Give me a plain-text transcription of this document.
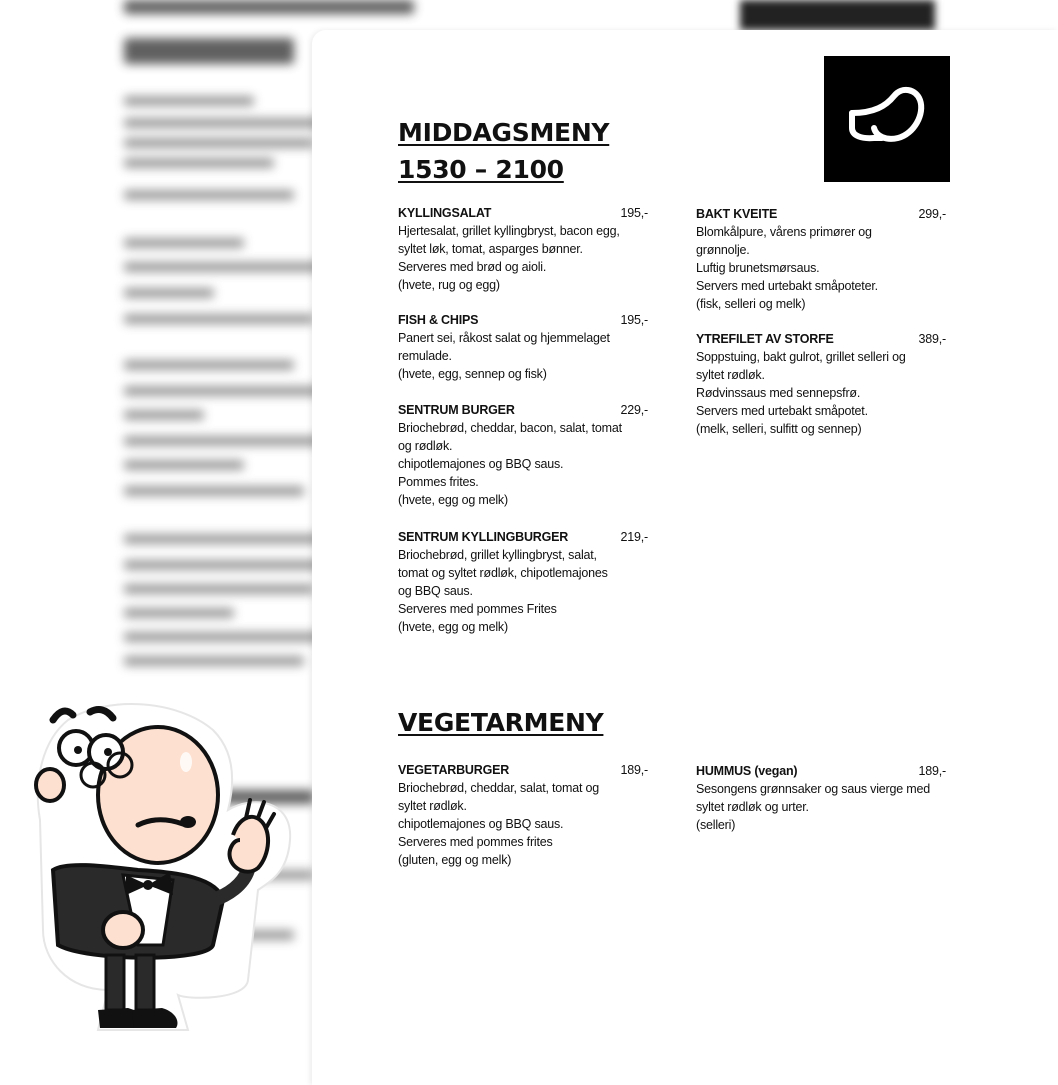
MIDDAGSMENY
1530 – 2100
KYLLINGSALAT	195,-
Hjertesalat, grillet kyllingbryst, bacon egg,
syltet løk, tomat, asparges bønner.
Serveres med brød og aioli.
(hvete, rug og egg)
FISH & CHIPS	195,-
Panert sei, råkost salat og hjemmelaget
remulade.
(hvete, egg, sennep og fisk)
SENTRUM BURGER	229,-
Briochebrød, cheddar, bacon, salat, tomat
og rødløk.
chipotlemajones og BBQ saus.
Pommes frites.
(hvete, egg og melk)
SENTRUM KYLLINGBURGER	219,-
Briochebrød, grillet kyllingbryst, salat,
tomat og syltet rødløk, chipotlemajones
og BBQ saus.
Serveres med pommes Frites
(hvete, egg og melk)
BAKT KVEITE	299,-
Blomkålpure, vårens primører og
grønnolje.
Luftig brunetsmørsaus.
Servers med urtebakt småpoteter.
(fisk, selleri og melk)
YTREFILET AV STORFE	389,-
Soppstuing, bakt gulrot, grillet selleri og
syltet rødløk.
Rødvinssaus med sennepsfrø.
Servers med urtebakt småpotet.
(melk, selleri, sulfitt og sennep)
VEGETARMENY
VEGETARBURGER	189,-
Briochebrød, cheddar, salat, tomat og
syltet rødløk.
chipotlemajones og BBQ saus.
Serveres med pommes frites
(gluten, egg og melk)
HUMMUS (vegan)	189,-
Sesongens grønnsaker og saus vierge med
syltet rødløk og urter.
(selleri)
